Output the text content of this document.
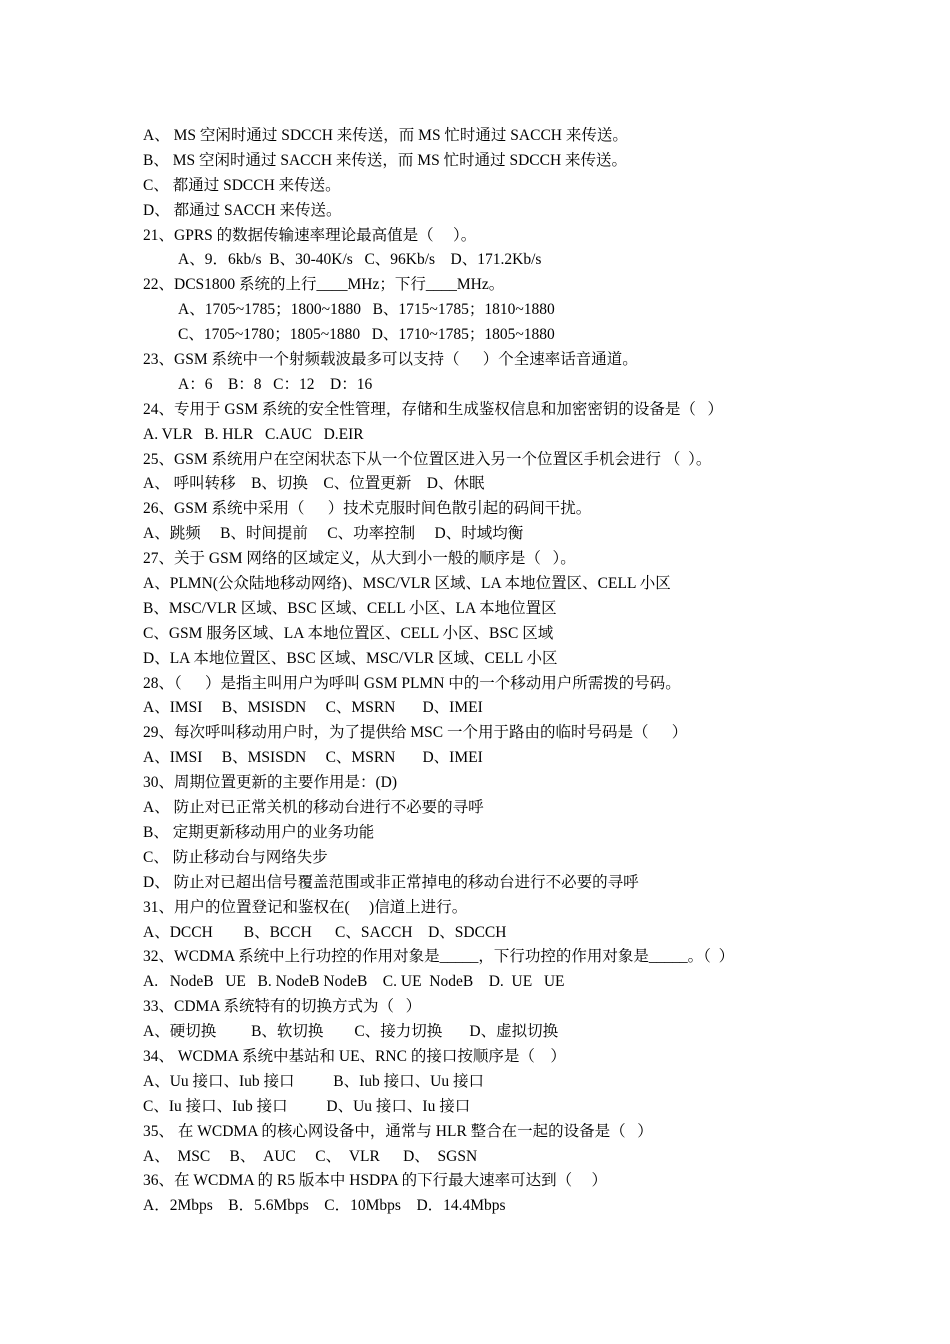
A、 MS 空闲时通过 SDCCH 来传送，而 MS 忙时通过 SACCH 来传送。
B、 MS 空闲时通过 SACCH 来传送，而 MS 忙时通过 SDCCH 来传送。
C、 都通过 SDCCH 来传送。
D、 都通过 SACCH 来传送。
21、GPRS 的数据传输速率理论最高值是（     ）。
A、9．6kb/s  B、30-40K/s   C、96Kb/s    D、171.2Kb/s
22、DCS1800 系统的上行____MHz；下行____MHz。
A、1705~1785；1800~1880   B、1715~1785；1810~1880
C、1705~1780；1805~1880   D、1710~1785；1805~1880
23、GSM 系统中一个射频载波最多可以支持（      ）个全速率话音通道。
A：6    B：8   C：12    D：16
24、专用于 GSM 系统的安全性管理，存储和生成鉴权信息和加密密钥的设备是（   ）
A. VLR   B. HLR   C.AUC   D.EIR
25、GSM 系统用户在空闲状态下从一个位置区进入另一个位置区手机会进行 （  ）。
A、 呼叫转移    B、切换    C、位置更新    D、休眠
26、GSM 系统中采用（      ）技术克服时间色散引起的码间干扰。
A、跳频     B、时间提前     C、功率控制     D、时域均衡
27、关于 GSM 网络的区域定义，从大到小一般的顺序是（   ）。
A、PLMN(公众陆地移动网络)、MSC/VLR 区域、LA 本地位置区、CELL 小区
B、MSC/VLR 区域、BSC 区域、CELL 小区、LA 本地位置区
C、GSM 服务区域、LA 本地位置区、CELL 小区、BSC 区域
D、LA 本地位置区、BSC 区域、MSC/VLR 区域、CELL 小区
28、（      ）是指主叫用户为呼叫 GSM PLMN 中的一个移动用户所需拨的号码。
A、IMSI     B、MSISDN     C、MSRN       D、IMEI
29、每次呼叫移动用户时，为了提供给 MSC 一个用于路由的临时号码是（      ）
A、IMSI     B、MSISDN     C、MSRN       D、IMEI
30、周期位置更新的主要作用是：(D)
A、 防止对已正常关机的移动台进行不必要的寻呼
B、 定期更新移动用户的业务功能
C、 防止移动台与网络失步
D、 防止对已超出信号覆盖范围或非正常掉电的移动台进行不必要的寻呼
31、用户的位置登记和鉴权在(     )信道上进行。
A、DCCH        B、BCCH      C、SACCH    D、SDCCH
32、WCDMA 系统中上行功控的作用对象是_____，下行功控的作用对象是_____。（  ）
A.   NodeB   UE   B. NodeB NodeB    C. UE  NodeB    D.  UE   UE
33、CDMA 系统特有的切换方式为（   ）
A、硬切换         B、软切换        C、接力切换       D、虚拟切换
34、 WCDMA 系统中基站和 UE、RNC 的接口按顺序是（    ）
A、Uu 接口、Iub 接口          B、Iub 接口、Uu 接口
C、Iu 接口、Iub 接口          D、Uu 接口、Iu 接口
35、 在 WCDMA 的核心网设备中，通常与 HLR 整合在一起的设备是（   ）
A、  MSC     B、  AUC     C、  VLR      D、  SGSN
36、在 WCDMA 的 R5 版本中 HSDPA 的下行最大速率可达到（     ）
A．2Mbps    B．5.6Mbps    C．10Mbps    D．14.4Mbps
